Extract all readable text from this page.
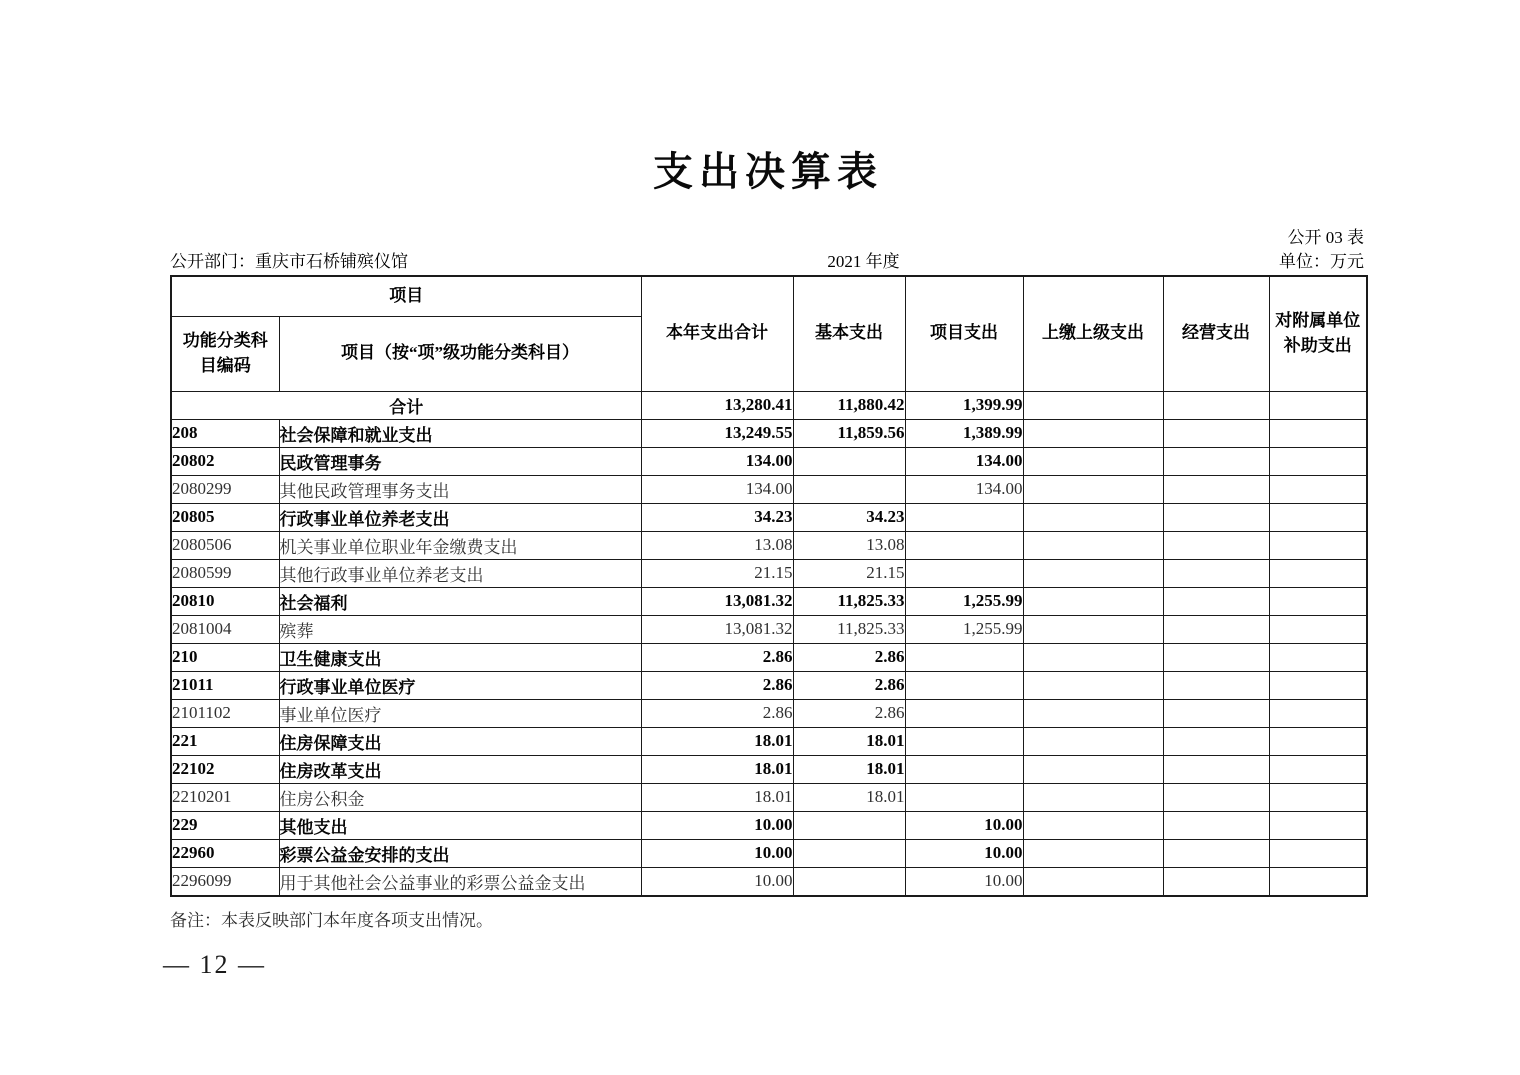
支出决算表
公开 03 表
公开部门：重庆市石桥铺殡仪馆	2021 年度	单位：万元
项目		本年支出合计	基本支出	项目支出	上缴上级支出	经营支出	对附属单位补助支出
功能分类科目编码	项目（按“项”级功能分类科目）						
合计		13,280.41	11,880.42	1,399.99			
208	社会保障和就业支出	13,249.55	11,859.56	1,389.99			
20802	民政管理事务	134.00		134.00			
2080299	其他民政管理事务支出	134.00		134.00			
20805	行政事业单位养老支出	34.23	34.23				
2080506	机关事业单位职业年金缴费支出	13.08	13.08				
2080599	其他行政事业单位养老支出	21.15	21.15				
20810	社会福利	13,081.32	11,825.33	1,255.99			
2081004	殡葬	13,081.32	11,825.33	1,255.99			
210	卫生健康支出	2.86	2.86				
21011	行政事业单位医疗	2.86	2.86				
2101102	事业单位医疗	2.86	2.86				
221	住房保障支出	18.01	18.01				
22102	住房改革支出	18.01	18.01				
2210201	住房公积金	18.01	18.01				
229	其他支出	10.00		10.00			
22960	彩票公益金安排的支出	10.00		10.00			
2296099	用于其他社会公益事业的彩票公益金支出	10.00		10.00			
备注：本表反映部门本年度各项支出情况。
— 12 —
